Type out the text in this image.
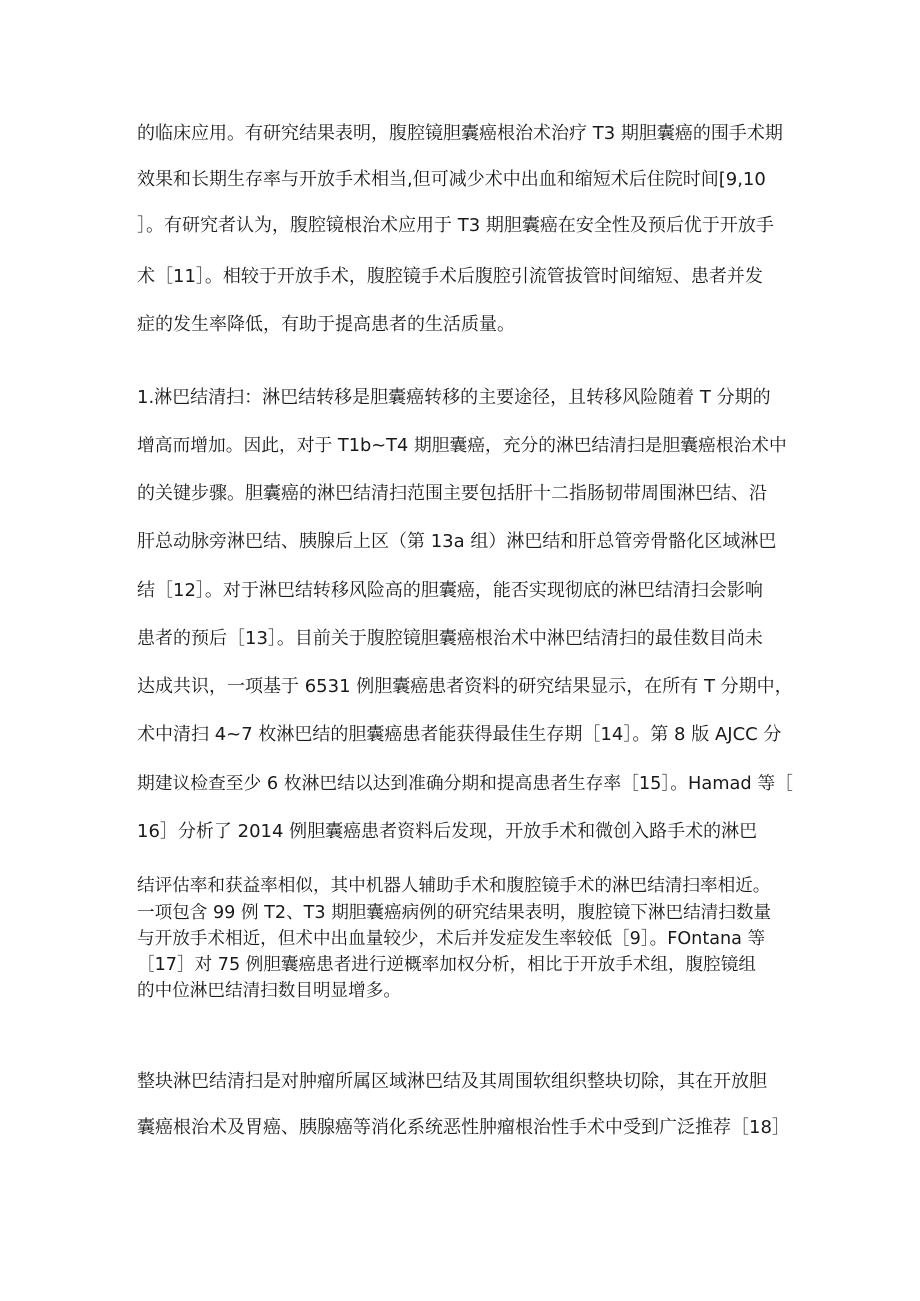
的临床应用。有研究结果表明，腹腔镜胆囊癌根治术治疗 T3 期胆囊癌的围手术期
效果和长期生存率与开放手术相当,但可减少术中出血和缩短术后住院时间[9,10
］。有研究者认为，腹腔镜根治术应用于 T3 期胆囊癌在安全性及预后优于开放手
术［11］。相较于开放手术，腹腔镜手术后腹腔引流管拔管时间缩短、患者并发
症的发生率降低，有助于提高患者的生活质量。
1.淋巴结清扫：淋巴结转移是胆囊癌转移的主要途径，且转移风险随着 T 分期的
增高而增加。因此，对于 T1b~T4 期胆囊癌，充分的淋巴结清扫是胆囊癌根治术中
的关键步骤。胆囊癌的淋巴结清扫范围主要包括肝十二指肠韧带周围淋巴结、沿
肝总动脉旁淋巴结、胰腺后上区（第 13a 组）淋巴结和肝总管旁骨骼化区域淋巴
结［12］。对于淋巴结转移风险高的胆囊癌，能否实现彻底的淋巴结清扫会影响
患者的预后［13］。目前关于腹腔镜胆囊癌根治术中淋巴结清扫的最佳数目尚未
达成共识，一项基于 6531 例胆囊癌患者资料的研究结果显示，在所有 T 分期中，
术中清扫 4~7 枚淋巴结的胆囊癌患者能获得最佳生存期［14］。第 8 版 AJCC 分
期建议检查至少 6 枚淋巴结以达到准确分期和提高患者生存率［15］。Hamad 等［
16］分析了 2014 例胆囊癌患者资料后发现，开放手术和微创入路手术的淋巴
结评估率和获益率相似，其中机器人辅助手术和腹腔镜手术的淋巴结清扫率相近。
一项包含 99 例 T2、T3 期胆囊癌病例的研究结果表明，腹腔镜下淋巴结清扫数量
与开放手术相近，但术中出血量较少，术后并发症发生率较低［9］。FOntana 等
［17］对 75 例胆囊癌患者进行逆概率加权分析，相比于开放手术组，腹腔镜组
的中位淋巴结清扫数目明显增多。
整块淋巴结清扫是对肿瘤所属区域淋巴结及其周围软组织整块切除，其在开放胆
囊癌根治术及胃癌、胰腺癌等消化系统恶性肿瘤根治性手术中受到广泛推荐［18］
